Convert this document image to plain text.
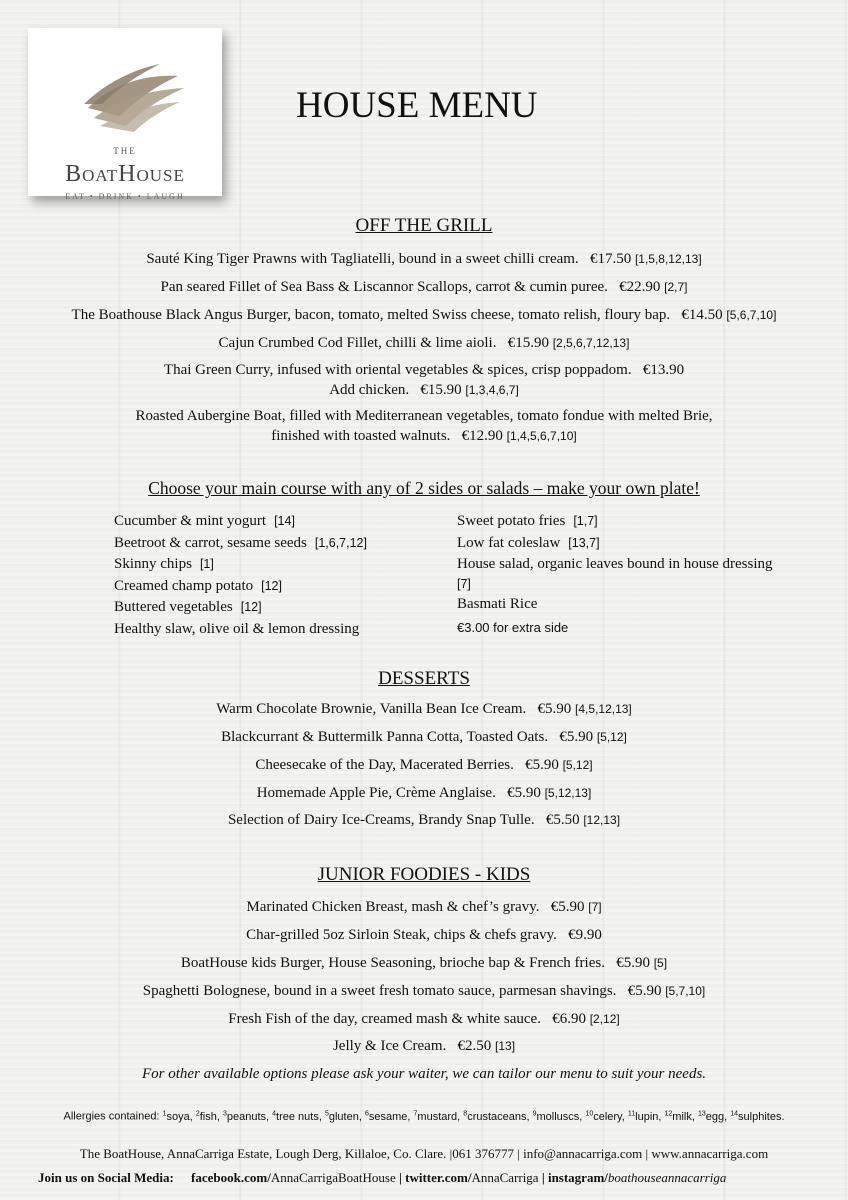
THE
BoatHouse
EAT • DRINK • LAUGH
HOUSE MENU
OFF THE GRILL
Sauté King Tiger Prawns with Tagliatelli, bound in a sweet chilli cream. €17.50 [1,5,8,12,13]
Pan seared Fillet of Sea Bass & Liscannor Scallops, carrot & cumin puree. €22.90 [2,7]
The Boathouse Black Angus Burger, bacon, tomato, melted Swiss cheese, tomato relish, floury bap. €14.50 [5,6,7,10]
Cajun Crumbed Cod Fillet, chilli & lime aioli. €15.90 [2,5,6,7,12,13]
Thai Green Curry, infused with oriental vegetables & spices, crisp poppadom. €13.90
Add chicken. €15.90 [1,3,4,6,7]
Roasted Aubergine Boat, filled with Mediterranean vegetables, tomato fondue with melted Brie,
finished with toasted walnuts. €12.90 [1,4,5,6,7,10]
Choose your main course with any of 2 sides or salads – make your own plate!
Cucumber & mint yogurt [14]
Beetroot & carrot, sesame seeds [1,6,7,12]
Skinny chips [1]
Creamed champ potato [12]
Buttered vegetables [12]
Healthy slaw, olive oil & lemon dressing
Sweet potato fries [1,7]
Low fat coleslaw [13,7]
House salad, organic leaves bound in house dressing
[7]
Basmati Rice
€3.00 for extra side
DESSERTS
Warm Chocolate Brownie, Vanilla Bean Ice Cream. €5.90 [4,5,12,13]
Blackcurrant & Buttermilk Panna Cotta, Toasted Oats. €5.90 [5,12]
Cheesecake of the Day, Macerated Berries. €5.90 [5,12]
Homemade Apple Pie, Crème Anglaise. €5.90 [5,12,13]
Selection of Dairy Ice-Creams, Brandy Snap Tulle. €5.50 [12,13]
JUNIOR FOODIES - KIDS
Marinated Chicken Breast, mash & chef’s gravy. €5.90 [7]
Char-grilled 5oz Sirloin Steak, chips & chefs gravy. €9.90
BoatHouse kids Burger, House Seasoning, brioche bap & French fries. €5.90 [5]
Spaghetti Bolognese, bound in a sweet fresh tomato sauce, parmesan shavings. €5.90 [5,7,10]
Fresh Fish of the day, creamed mash & white sauce. €6.90 [2,12]
Jelly & Ice Cream. €2.50 [13]
For other available options please ask your waiter, we can tailor our menu to suit your needs.
Allergies contained: $^1$soya, $^2$fish, $^3$peanuts, $^4$tree nuts, $^5$gluten, $^6$sesame, $^7$mustard, $^8$crustaceans, $^9$molluscs, $^{10}$celery, $^{11}$lupin, $^{12}$milk, $^{13}$egg, $^{14}$sulphites.
The BoatHouse, AnnaCarriga Estate, Lough Derg, Killaloe, Co. Clare. |061 376777 | info@annacarriga.com | www.annacarriga.com
Join us on Social Media: facebook.com/AnnaCarrigaBoatHouse | twitter.com/AnnaCarriga | instagram/boathouseannacarriga
